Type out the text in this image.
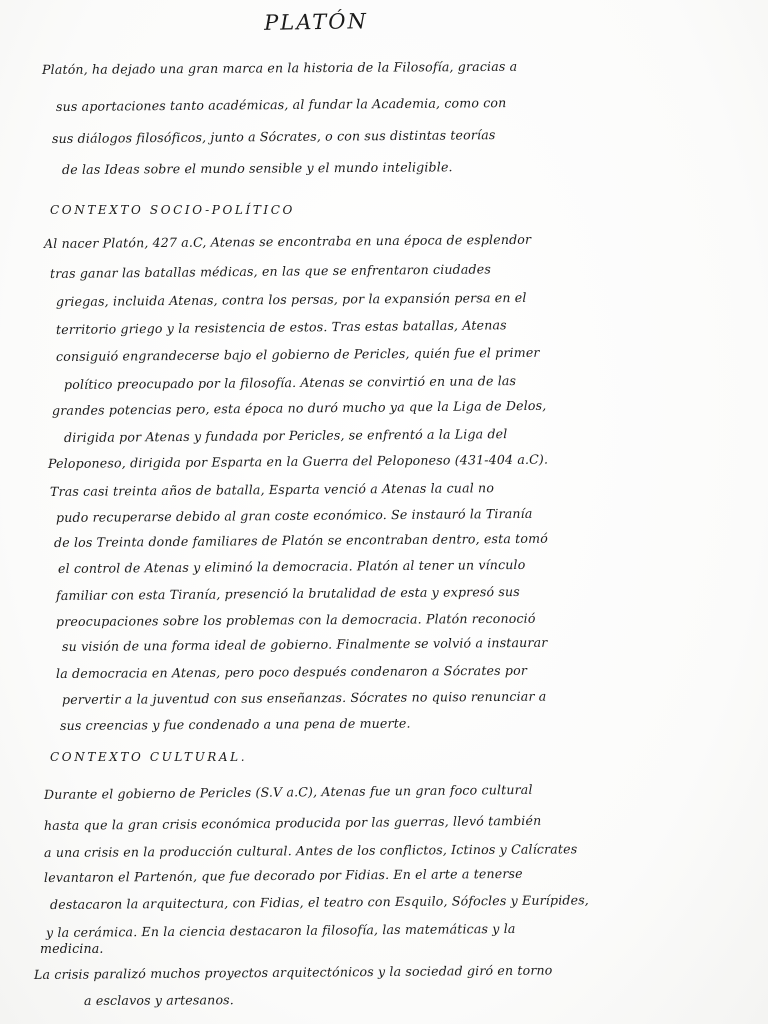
PLATÓN
Platón, ha dejado una gran marca en la historia de la Filosofía, gracias a
sus aportaciones tanto académicas, al fundar la Academia, como con
sus diálogos filosóficos, junto a Sócrates, o con sus distintas teorías
de las Ideas sobre el mundo sensible y el mundo inteligible.
CONTEXTO SOCIO-POLÍTICO
Al nacer Platón, 427 a.C, Atenas se encontraba en una época de esplendor
tras ganar las batallas médicas, en las que se enfrentaron ciudades
griegas, incluida Atenas, contra los persas, por la expansión persa en el
territorio griego y la resistencia de estos. Tras estas batallas, Atenas
consiguió engrandecerse bajo el gobierno de Pericles, quién fue el primer
político preocupado por la filosofía. Atenas se convirtió en una de las
grandes potencias pero, esta época no duró mucho ya que la Liga de Delos,
dirigida por Atenas y fundada por Pericles, se enfrentó a la Liga del
Peloponeso, dirigida por Esparta en la Guerra del Peloponeso (431-404 a.C).
Tras casi treinta años de batalla, Esparta venció a Atenas la cual no
pudo recuperarse debido al gran coste económico. Se instauró la Tiranía
de los Treinta donde familiares de Platón se encontraban dentro, esta tomó
el control de Atenas y eliminó la democracia. Platón al tener un vínculo
familiar con esta Tiranía, presenció la brutalidad de esta y expresó sus
preocupaciones sobre los problemas con la democracia. Platón reconoció
su visión de una forma ideal de gobierno. Finalmente se volvió a instaurar
la democracia en Atenas, pero poco después condenaron a Sócrates por
pervertir a la juventud con sus enseñanzas. Sócrates no quiso renunciar a
sus creencias y fue condenado a una pena de muerte.
CONTEXTO CULTURAL.
Durante el gobierno de Pericles (S.V a.C), Atenas fue un gran foco cultural
hasta que la gran crisis económica producida por las guerras, llevó también
a una crisis en la producción cultural. Antes de los conflictos, Ictinos y Calícrates
levantaron el Partenón, que fue decorado por Fidias. En el arte a tenerse
destacaron la arquitectura, con Fidias, el teatro con Esquilo, Sófocles y Eurípides,
y la cerámica. En la ciencia destacaron la filosofía, las matemáticas y la
medicina.
La crisis paralizó muchos proyectos arquitectónicos y la sociedad giró en torno
a esclavos y artesanos.
